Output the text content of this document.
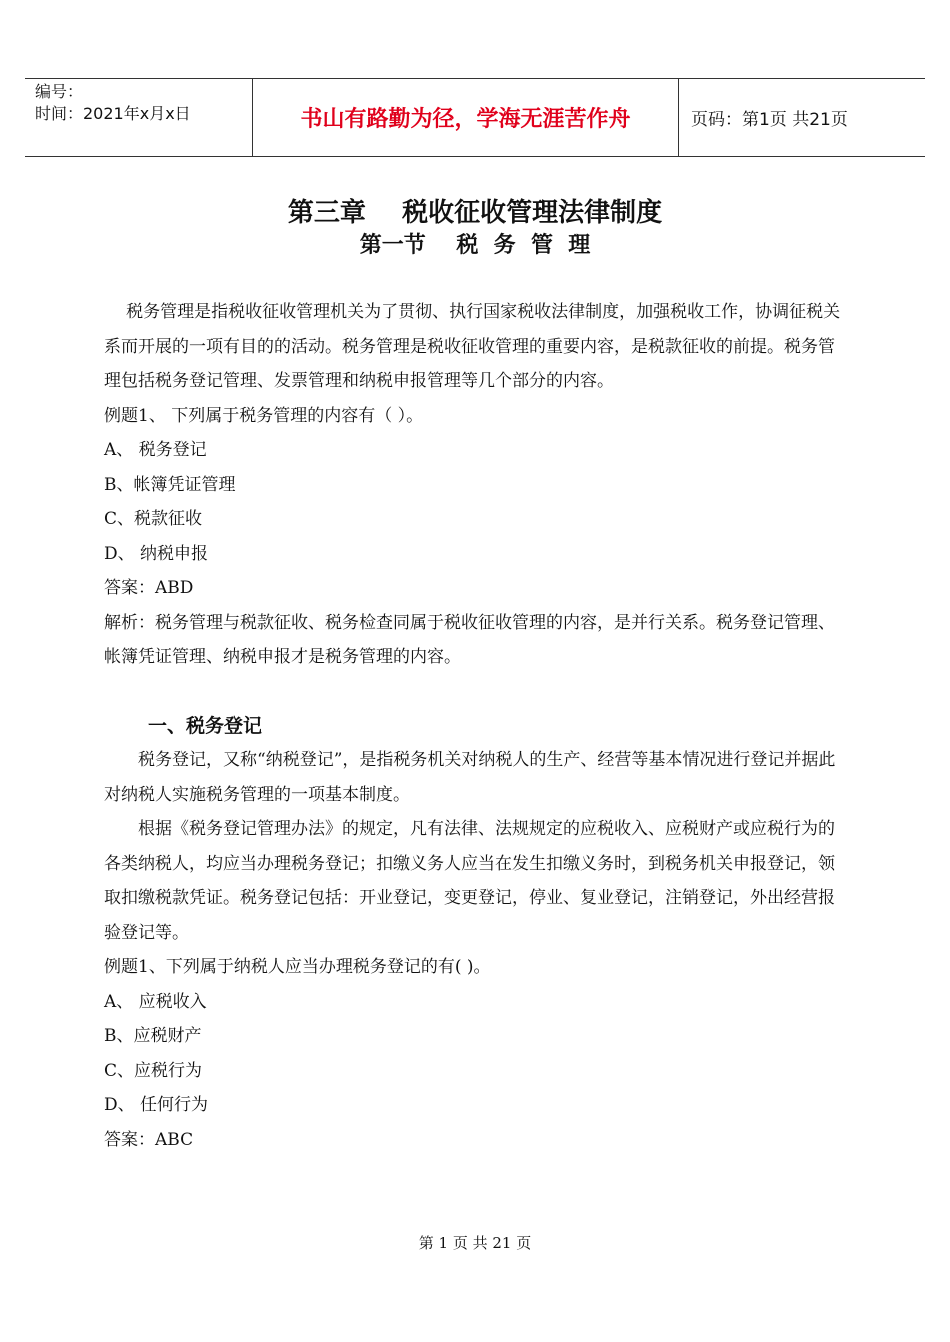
编号：
时间：2021年x月x日	书山有路勤为径，学海无涯苦作舟	页码：第1页 共21页
第三章    税收征收管理法律制度
第一节    税  务  管  理

税务管理是指税收征收管理机关为了贯彻、执行国家税收法律制度，加强税收工作，协调征税关系而开展的一项有目的的活动。税务管理是税收征收管理的重要内容，是税款征收的前提。税务管理包括税务登记管理、发票管理和纳税申报管理等几个部分的内容。

例题1、 下列属于税务管理的内容有（ ）。

A、 税务登记

B、帐簿凭证管理

C、税款征收

D、 纳税申报

答案：ABD

解析：税务管理与税款征收、税务检查同属于税收征收管理的内容，是并行关系。税务登记管理、帐簿凭证管理、纳税申报才是税务管理的内容。

一、税务登记

税务登记，又称“纳税登记”，是指税务机关对纳税人的生产、经营等基本情况进行登记并据此对纳税人实施税务管理的一项基本制度。

根据《税务登记管理办法》的规定，凡有法律、法规规定的应税收入、应税财产或应税行为的各类纳税人，均应当办理税务登记；扣缴义务人应当在发生扣缴义务时，到税务机关申报登记，领取扣缴税款凭证。税务登记包括：开业登记，变更登记，停业、复业登记，注销登记，外出经营报验登记等。

例题1、下列属于纳税人应当办理税务登记的有( )。

A、 应税收入

B、应税财产

C、应税行为

D、 任何行为

答案：ABC

第 1 页 共 21 页
